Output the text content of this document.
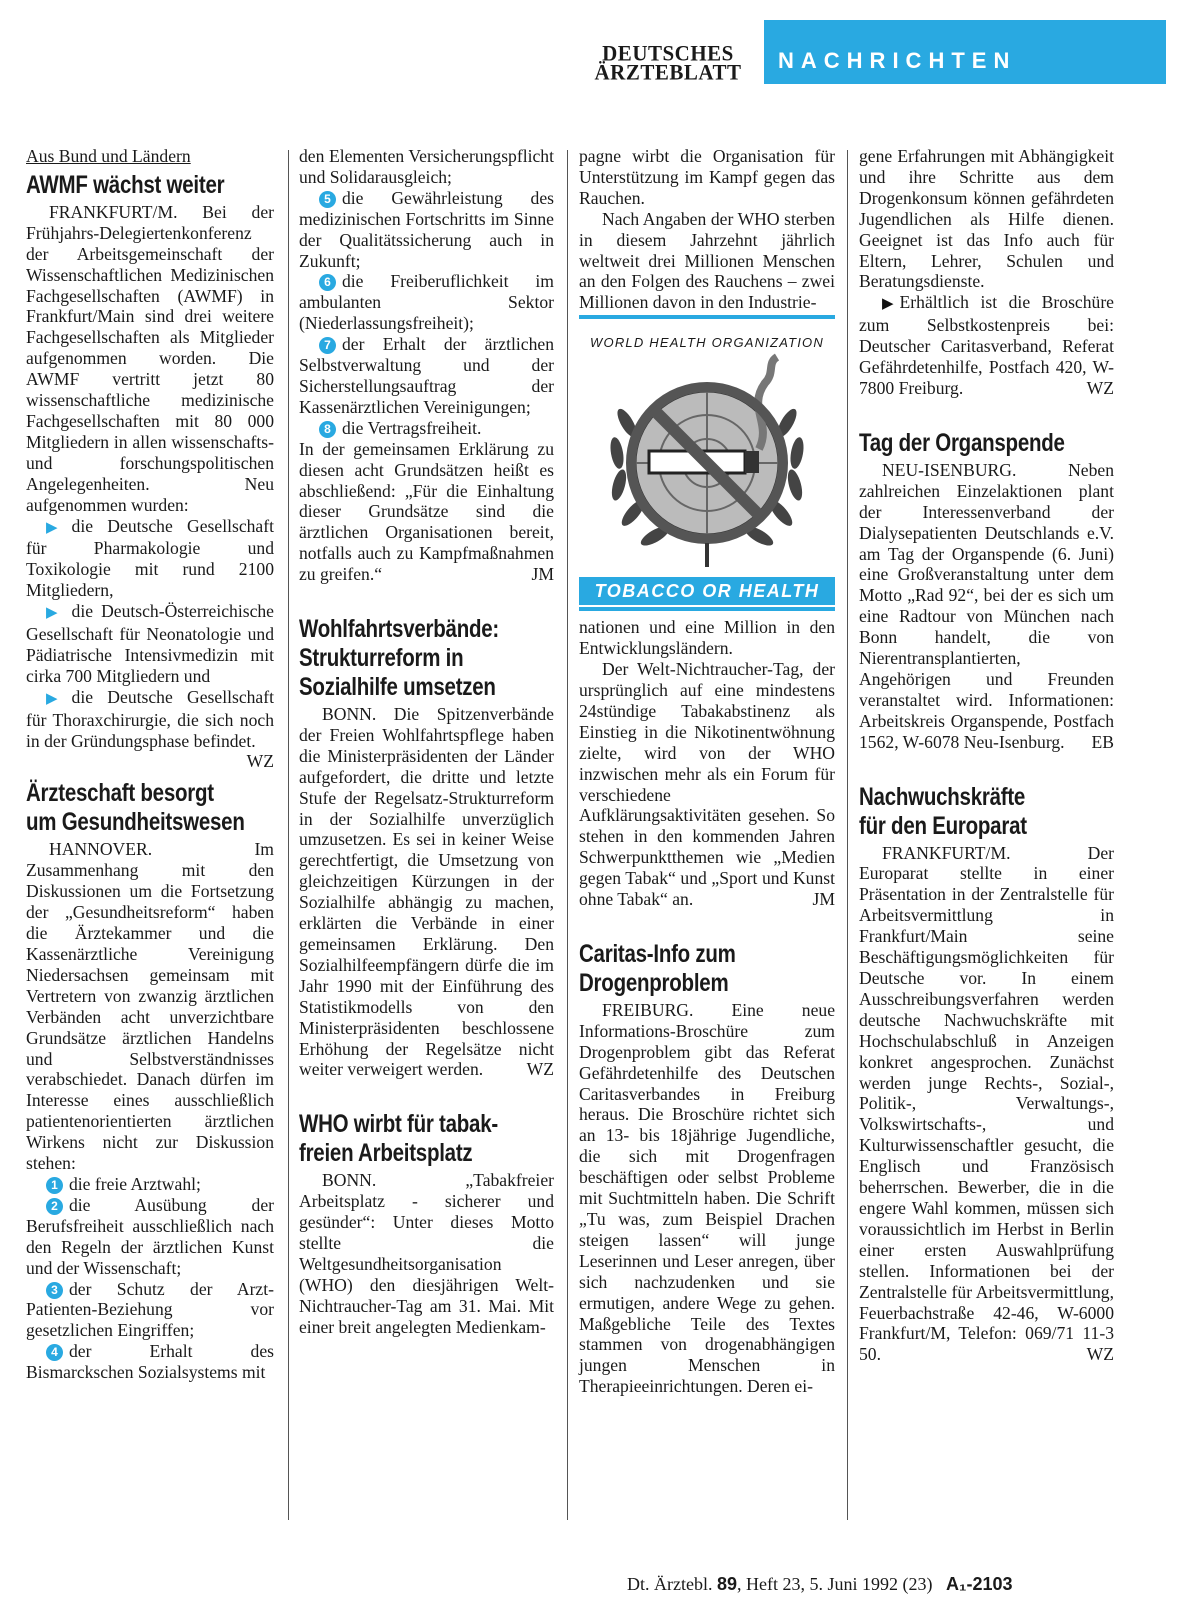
DEUTSCHES
ÄRZTEBLATT	NACHRICHTEN

Aus Bund und Ländern

AWMF wächst weiter

FRANKFURT/M. Bei der Frühjahrs-Delegiertenkonferenz der Arbeitsgemeinschaft der Wissenschaftlichen Medizinischen Fachgesellschaften (AWMF) in Frankfurt/Main sind drei weitere Fachgesellschaften als Mitglieder aufgenommen worden. Die AWMF vertritt jetzt 80 wissenschaftliche medizinische Fachgesellschaften mit 80 000 Mitgliedern in allen wissenschafts- und forschungspolitischen Angelegenheiten. Neu aufgenommen wurden:

▶ die Deutsche Gesellschaft für Pharmakologie und Toxikologie mit rund 2100 Mitgliedern,

▶ die Deutsch-Österreichische Gesellschaft für Neonatologie und Pädiatrische Intensivmedizin mit cirka 700 Mitgliedern und

▶ die Deutsche Gesellschaft für Thoraxchirurgie, die sich noch in der Gründungsphase befindet.
WZ

Ärzteschaft besorgt
um Gesundheitswesen

HANNOVER. Im Zusammenhang mit den Diskussionen um die Fortsetzung der „Gesundheitsreform“ haben die Ärztekammer und die Kassenärztliche Vereinigung Niedersachsen gemeinsam mit Vertretern von zwanzig ärztlichen Verbänden acht unverzichtbare Grundsätze ärztlichen Handelns und Selbstverständnisses verabschiedet. Danach dürfen im Interesse eines ausschließlich patientenorientierten ärztlichen Wirkens nicht zur Diskussion stehen:

1 die freie Arztwahl;

2 die Ausübung der Berufsfreiheit ausschließlich nach den Regeln der ärztlichen Kunst und der Wissenschaft;

3 der Schutz der Arzt-Patienten-Beziehung vor gesetzlichen Eingriffen;

4 der Erhalt des Bismarckschen Sozialsystems mit

den Elementen Versicherungspflicht und Solidarausgleich;

5 die Gewährleistung des medizinischen Fortschritts im Sinne der Qualitätssicherung auch in Zukunft;

6 die Freiberuflichkeit im ambulanten Sektor (Niederlassungsfreiheit);

7 der Erhalt der ärztlichen Selbstverwaltung und der Sicherstellungsauftrag der Kassenärztlichen Vereinigungen;

8 die Vertragsfreiheit.

In der gemeinsamen Erklärung zu diesen acht Grundsätzen heißt es abschließend: „Für die Einhaltung dieser Grundsätze sind die ärztlichen Organisationen bereit, notfalls auch zu Kampfmaßnahmen zu greifen.“	JM

Wohlfahrtsverbände:
Strukturreform in
Sozialhilfe umsetzen

BONN. Die Spitzenverbände der Freien Wohlfahrtspflege haben die Ministerpräsidenten der Länder aufgefordert, die dritte und letzte Stufe der Regelsatz-Strukturreform in der Sozialhilfe unverzüglich umzusetzen. Es sei in keiner Weise gerechtfertigt, die Umsetzung von gleichzeitigen Kürzungen in der Sozialhilfe abhängig zu machen, erklärten die Verbände in einer gemeinsamen Erklärung. Den Sozialhilfeempfängern dürfe die im Jahr 1990 mit der Einführung des Statistikmodells von den Ministerpräsidenten beschlossene Erhöhung der Regelsätze nicht weiter verweigert werden.	WZ

WHO wirbt für tabak-
freien Arbeitsplatz

BONN. „Tabakfreier Arbeitsplatz - sicherer und gesünder“: Unter dieses Motto stellte die Weltgesundheitsorganisation (WHO) den diesjährigen Welt-Nichtraucher-Tag am 31. Mai. Mit einer breit angelegten Medienkam-

pagne wirbt die Organisation für Unterstützung im Kampf gegen das Rauchen.

Nach Angaben der WHO sterben in diesem Jahrzehnt jährlich weltweit drei Millionen Menschen an den Folgen des Rauchens – zwei Millionen davon in den Industrie-

WORLD HEALTH ORGANIZATION
TOBACCO OR HEALTH

nationen und eine Million in den Entwicklungsländern.

Der Welt-Nichtraucher-Tag, der ursprünglich auf eine mindestens 24stündige Tabakabstinenz als Einstieg in die Nikotinentwöhnung zielte, wird von der WHO inzwischen mehr als ein Forum für verschiedene Aufklärungsaktivitäten gesehen. So stehen in den kommenden Jahren Schwerpunktthemen wie „Medien gegen Tabak“ und „Sport und Kunst ohne Tabak“ an.	JM

Caritas-Info zum
Drogenproblem

FREIBURG. Eine neue Informations-Broschüre zum Drogenproblem gibt das Referat Gefährdetenhilfe des Deutschen Caritasverbandes in Freiburg heraus. Die Broschüre richtet sich an 13- bis 18jährige Jugendliche, die sich mit Drogenfragen beschäftigen oder selbst Probleme mit Suchtmitteln haben. Die Schrift „Tu was, zum Beispiel Drachen steigen lassen“ will junge Leserinnen und Leser anregen, über sich nachzudenken und sie ermutigen, andere Wege zu gehen. Maßgebliche Teile des Textes stammen von drogenabhängigen jungen Menschen in Therapieeinrichtungen. Deren ei-

gene Erfahrungen mit Abhängigkeit und ihre Schritte aus dem Drogenkonsum können gefährdeten Jugendlichen als Hilfe dienen. Geeignet ist das Info auch für Eltern, Lehrer, Schulen und Beratungsdienste.

▶ Erhältlich ist die Broschüre zum Selbstkostenpreis bei: Deutscher Caritasverband, Referat Gefährdetenhilfe, Postfach 420, W-7800 Freiburg.	WZ

Tag der Organspende

NEU-ISENBURG. Neben zahlreichen Einzelaktionen plant der Interessenverband der Dialysepatienten Deutschlands e.V. am Tag der Organspende (6. Juni) eine Großveranstaltung unter dem Motto „Rad 92“, bei der es sich um eine Radtour von München nach Bonn handelt, die von Nierentransplantierten, Angehörigen und Freunden veranstaltet wird. Informationen: Arbeitskreis Organspende, Postfach 1562, W-6078 Neu-Isenburg.	EB

Nachwuchskräfte
für den Europarat

FRANKFURT/M. Der Europarat stellte in einer Präsentation in der Zentralstelle für Arbeitsvermittlung in Frankfurt/Main seine Beschäftigungsmöglichkeiten für Deutsche vor. In einem Ausschreibungsverfahren werden deutsche Nachwuchskräfte mit Hochschulabschluß in Anzeigen konkret angesprochen. Zunächst werden junge Rechts-, Sozial-, Politik-, Verwaltungs-, Volkswirtschafts-, und Kulturwissenschaftler gesucht, die Englisch und Französisch beherrschen. Bewerber, die in die engere Wahl kommen, müssen sich voraussichtlich im Herbst in Berlin einer ersten Auswahlprüfung stellen. Informationen bei der Zentralstelle für Arbeitsvermittlung, Feuerbachstraße 42-46, W-6000 Frankfurt/M, Telefon: 069/71 11-3 50.	WZ

Dt. Ärztebl. 89, Heft 23, 5. Juni 1992 (23) A₁-2103
